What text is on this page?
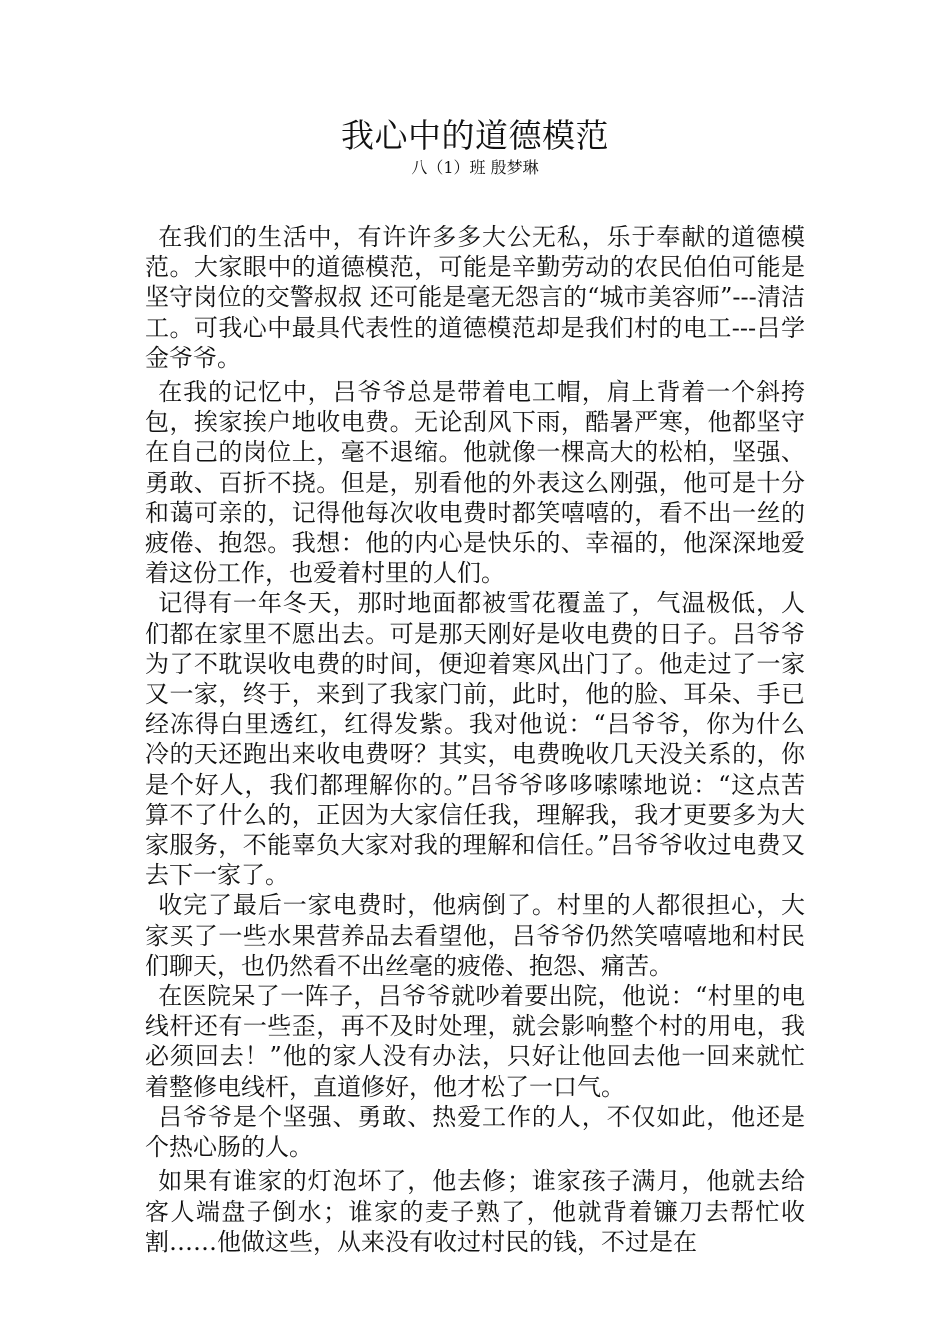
我心中的道德模范
八（1）班 殷梦琳

在我们的生活中，有许许多多大公无私，乐于奉献的道德模范。大家眼中的道德模范，可能是辛勤劳动的农民伯伯可能是坚守岗位的交警叔叔 还可能是毫无怨言的“城市美容师”---清洁工。可我心中最具代表性的道德模范却是我们村的电工---吕学金爷爷。

在我的记忆中，吕爷爷总是带着电工帽，肩上背着一个斜挎包，挨家挨户地收电费。无论刮风下雨，酷暑严寒，他都坚守在自己的岗位上，毫不退缩。他就像一棵高大的松柏，坚强、勇敢、百折不挠。但是，别看他的外表这么刚强，他可是十分和蔼可亲的，记得他每次收电费时都笑嘻嘻的，看不出一丝的疲倦、抱怨。我想：他的内心是快乐的、幸福的，他深深地爱着这份工作，也爱着村里的人们。

记得有一年冬天，那时地面都被雪花覆盖了，气温极低，人们都在家里不愿出去。可是那天刚好是收电费的日子。吕爷爷为了不耽误收电费的时间，便迎着寒风出门了。他走过了一家又一家，终于，来到了我家门前，此时，他的脸、耳朵、手已经冻得白里透红，红得发紫。我对他说：“吕爷爷，你为什么冷的天还跑出来收电费呀？其实，电费晚收几天没关系的，你是个好人，我们都理解你的。”吕爷爷哆哆嗦嗦地说：“这点苦算不了什么的，正因为大家信任我，理解我，我才更要多为大家服务，不能辜负大家对我的理解和信任。”吕爷爷收过电费又去下一家了。

收完了最后一家电费时，他病倒了。村里的人都很担心，大家买了一些水果营养品去看望他，吕爷爷仍然笑嘻嘻地和村民们聊天，也仍然看不出丝毫的疲倦、抱怨、痛苦。

在医院呆了一阵子，吕爷爷就吵着要出院，他说：“村里的电线杆还有一些歪，再不及时处理，就会影响整个村的用电，我必须回去！”他的家人没有办法，只好让他回去他一回来就忙着整修电线杆，直道修好，他才松了一口气。

吕爷爷是个坚强、勇敢、热爱工作的人，不仅如此，他还是个热心肠的人。

如果有谁家的灯泡坏了，他去修；谁家孩子满月，他就去给客人端盘子倒水；谁家的麦子熟了，他就背着镰刀去帮忙收割……他做这些，从来没有收过村民的钱，不过是在
